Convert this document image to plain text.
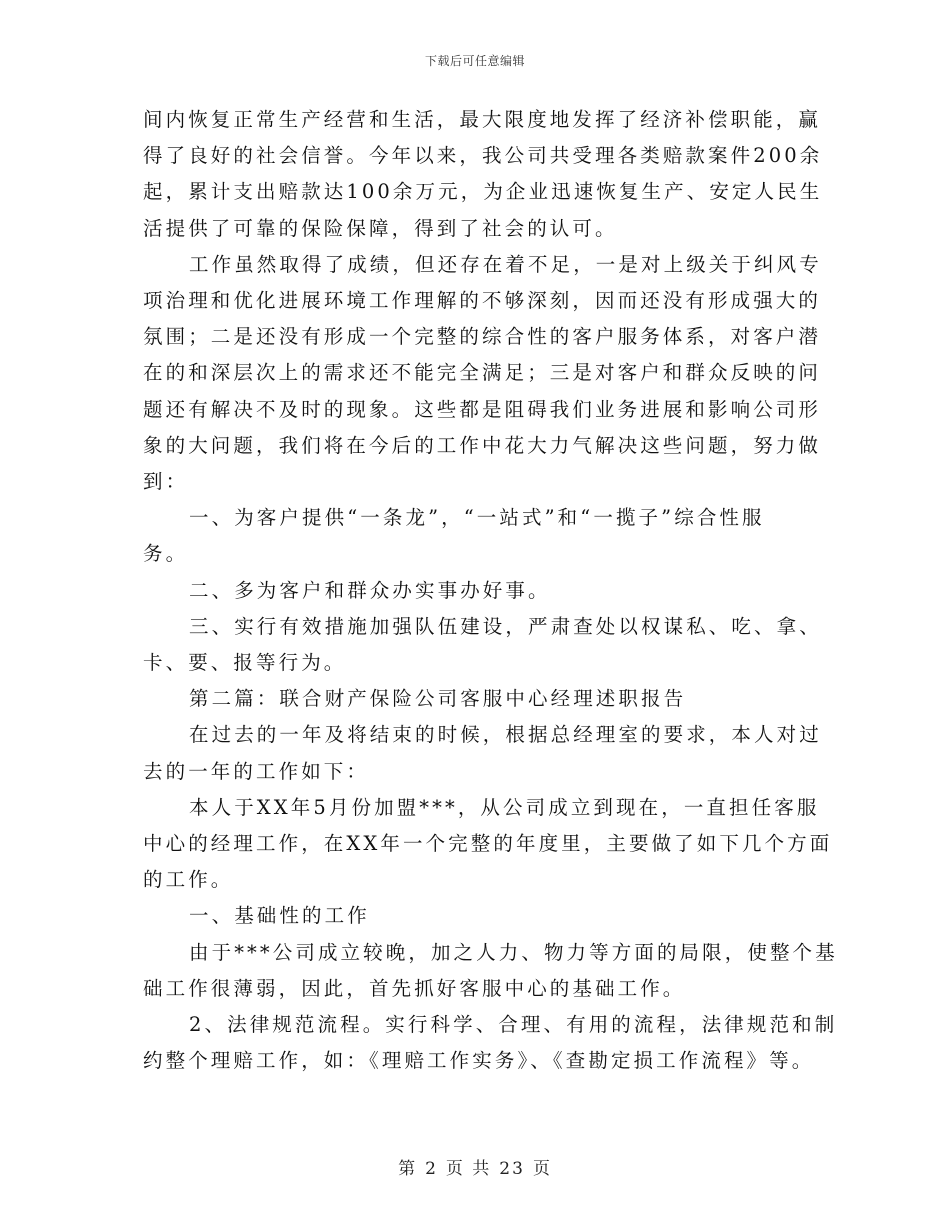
下载后可任意编辑

间内恢复正常生产经营和生活，最大限度地发挥了经济补偿职能，赢
得了良好的社会信誉。今年以来，我公司共受理各类赔款案件200余
起，累计支出赔款达100余万元，为企业迅速恢复生产、安定人民生
活提供了可靠的保险保障，得到了社会的认可。

工作虽然取得了成绩，但还存在着不足，一是对上级关于纠风专
项治理和优化进展环境工作理解的不够深刻，因而还没有形成强大的
氛围；二是还没有形成一个完整的综合性的客户服务体系，对客户潜
在的和深层次上的需求还不能完全满足；三是对客户和群众反映的问
题还有解决不及时的现象。这些都是阻碍我们业务进展和影响公司形
象的大问题，我们将在今后的工作中花大力气解决这些问题，努力做
到：

一、为客户提供“一条龙”，“一站式”和“一揽子”综合性服
务。

二、多为客户和群众办实事办好事。

三、实行有效措施加强队伍建设，严肃查处以权谋私、吃、拿、
卡、要、报等行为。

第二篇：联合财产保险公司客服中心经理述职报告

在过去的一年及将结束的时候，根据总经理室的要求，本人对过
去的一年的工作如下：

本人于XX年5月份加盟***，从公司成立到现在，一直担任客服
中心的经理工作，在XX年一个完整的年度里，主要做了如下几个方面
的工作。

一、基础性的工作

由于***公司成立较晚，加之人力、物力等方面的局限，使整个基
础工作很薄弱，因此，首先抓好客服中心的基础工作。

2、法律规范流程。实行科学、合理、有用的流程，法律规范和制
约整个理赔工作，如：《理赔工作实务》、《查勘定损工作流程》等。

第 2 页 共 23 页
